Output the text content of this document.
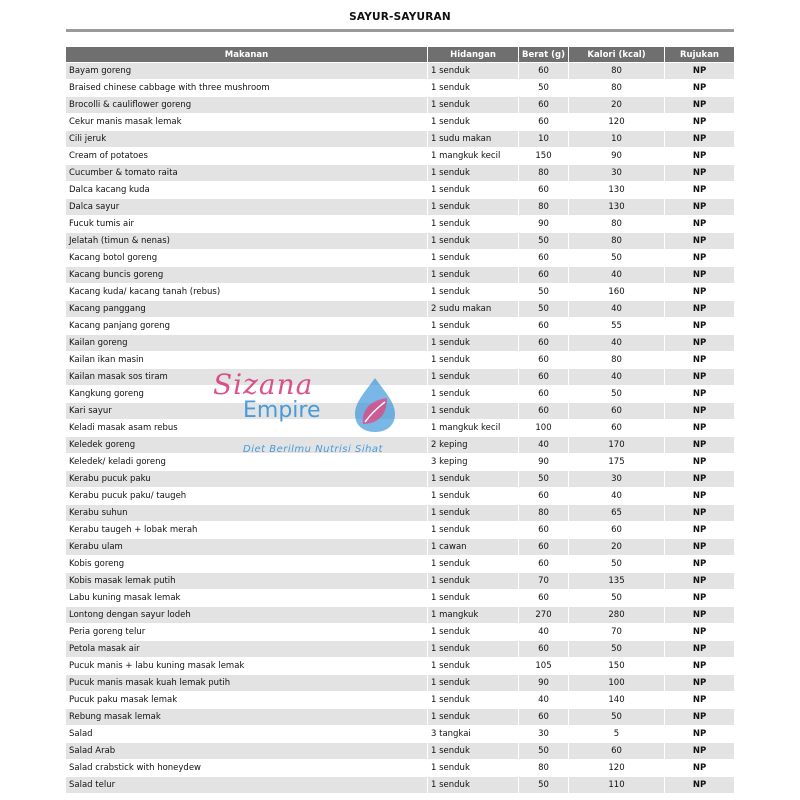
SAYUR-SAYURAN
Makanan	Hidangan	Berat (g)	Kalori (kcal)	Rujukan
Bayam goreng	1 senduk	60	80	NP
Braised chinese cabbage with three mushroom	1 senduk	50	80	NP
Brocolli & cauliflower goreng	1 senduk	60	20	NP
Cekur manis masak lemak	1 senduk	60	120	NP
Cili jeruk	1 sudu makan	10	10	NP
Cream of potatoes	1 mangkuk kecil	150	90	NP
Cucumber & tomato raita	1 senduk	80	30	NP
Dalca kacang kuda	1 senduk	60	130	NP
Dalca sayur	1 senduk	80	130	NP
Fucuk tumis air	1 senduk	90	80	NP
Jelatah (timun & nenas)	1 senduk	50	80	NP
Kacang botol goreng	1 senduk	60	50	NP
Kacang buncis goreng	1 senduk	60	40	NP
Kacang kuda/ kacang tanah (rebus)	1 senduk	50	160	NP
Kacang panggang	2 sudu makan	50	40	NP
Kacang panjang goreng	1 senduk	60	55	NP
Kailan goreng	1 senduk	60	40	NP
Kailan ikan masin	1 senduk	60	80	NP
Kailan masak sos tiram	1 senduk	60	40	NP
Kangkung goreng	1 senduk	60	50	NP
Kari sayur	1 senduk	60	60	NP
Keladi masak asam rebus	1 mangkuk kecil	100	60	NP
Keledek goreng	2 keping	40	170	NP
Keledek/ keladi goreng	3 keping	90	175	NP
Kerabu pucuk paku	1 senduk	50	30	NP
Kerabu pucuk paku/ taugeh	1 senduk	60	40	NP
Kerabu suhun	1 senduk	80	65	NP
Kerabu taugeh + lobak merah	1 senduk	60	60	NP
Kerabu ulam	1 cawan	60	20	NP
Kobis goreng	1 senduk	60	50	NP
Kobis masak lemak putih	1 senduk	70	135	NP
Labu kuning masak lemak	1 senduk	60	50	NP
Lontong dengan sayur lodeh	1 mangkuk	270	280	NP
Peria goreng telur	1 senduk	40	70	NP
Petola masak air	1 senduk	60	50	NP
Pucuk manis + labu kuning masak lemak	1 senduk	105	150	NP
Pucuk manis masak kuah lemak putih	1 senduk	90	100	NP
Pucuk paku masak lemak	1 senduk	40	140	NP
Rebung masak lemak	1 senduk	60	50	NP
Salad	3 tangkai	30	5	NP
Salad Arab	1 senduk	50	60	NP
Salad crabstick with honeydew	1 senduk	80	120	NP
Salad telur	1 senduk	50	110	NP
Sizana
Empire
Diet Berilmu Nutrisi Sihat
